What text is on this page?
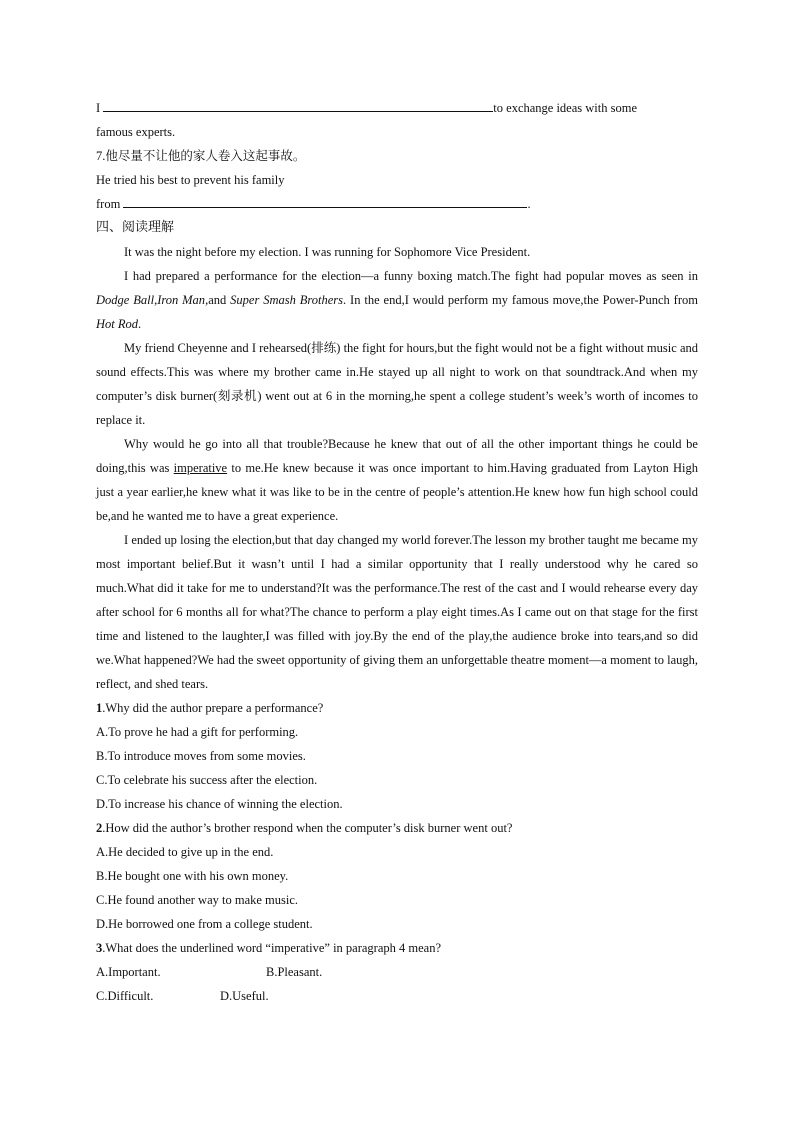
I	to exchange ideas with some
famous experts.
7.他尽量不让他的家人卷入这起事故。
He tried his best to prevent his family
from	.
四、阅读理解
It was the night before my election. I was running for Sophomore Vice President.
I had prepared a performance for the election—a funny boxing match.The fight had popular moves as seen in Dodge Ball,Iron Man,and Super Smash Brothers. In the end,I would perform my famous move,the Power-Punch from Hot Rod.
My friend Cheyenne and I rehearsed(排练) the fight for hours,but the fight would not be a fight without music and sound effects.This was where my brother came in.He stayed up all night to work on that soundtrack.And when my computer’s disk burner(刻录机) went out at 6 in the morning,he spent a college student’s week’s worth of incomes to replace it.
Why would he go into all that trouble?Because he knew that out of all the other important things he could be doing,this was imperative to me.He knew because it was once important to him.Having graduated from Layton High just a year earlier,he knew what it was like to be in the centre of people’s attention.He knew how fun high school could be,and he wanted me to have a great experience.
I ended up losing the election,but that day changed my world forever.The lesson my brother taught me became my most important belief.But it wasn’t until I had a similar opportunity that I really understood why he cared so much.What did it take for me to understand?It was the performance.The rest of the cast and I would rehearse every day after school for 6 months all for what?The chance to perform a play eight times.As I came out on that stage for the first time and listened to the laughter,I was filled with joy.By the end of the play,the audience broke into tears,and so did we.What happened?We had the sweet opportunity of giving them an unforgettable theatre moment—a moment to laugh, reflect, and shed tears.
1.Why did the author prepare a performance?
A.To prove he had a gift for performing.
B.To introduce moves from some movies.
C.To celebrate his success after the election.
D.To increase his chance of winning the election.
2.How did the author’s brother respond when the computer’s disk burner went out?
A.He decided to give up in the end.
B.He bought one with his own money.
C.He found another way to make music.
D.He borrowed one from a college student.
3.What does the underlined word “imperative” in paragraph 4 mean?
A.Important.	B.Pleasant.
C.Difficult.	D.Useful.
